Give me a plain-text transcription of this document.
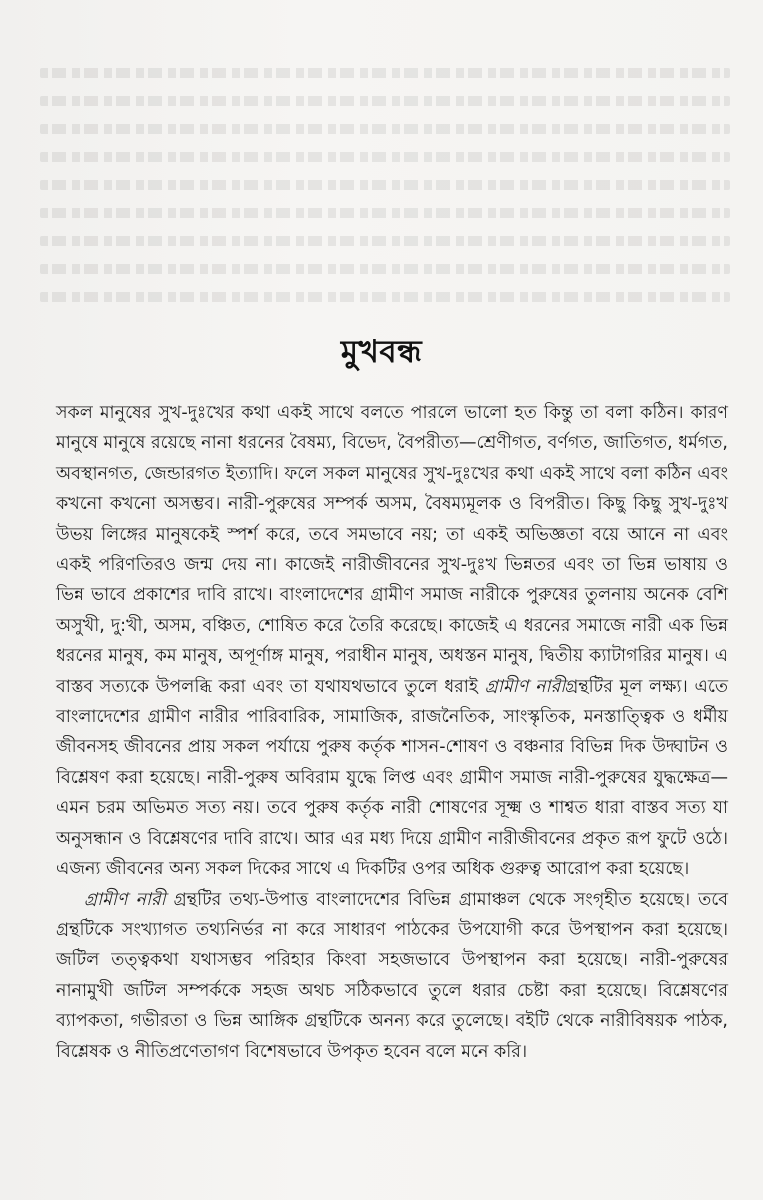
মুখবন্ধ

সকল মানুষের সুখ-দুঃখের কথা একই সাথে বলতে পারলে ভালো হত কিন্তু তা বলা কঠিন। কারণ মানুষে মানুষে রয়েছে নানা ধরনের বৈষম্য, বিভেদ, বৈপরীত্য—শ্রেণীগত, বর্ণগত, জাতিগত, ধর্মগত, অবস্থানগত, জেন্ডারগত ইত্যাদি। ফলে সকল মানুষের সুখ-দুঃখের কথা একই সাথে বলা কঠিন এবং কখনো কখনো অসম্ভব। নারী-পুরুষের সম্পর্ক অসম, বৈষম্যমূলক ও বিপরীত। কিছু কিছু সুখ-দুঃখ উভয় লিঙ্গের মানুষকেই স্পর্শ করে, তবে সমভাবে নয়; তা একই অভিজ্ঞতা বয়ে আনে না এবং একই পরিণতিরও জন্ম দেয় না। কাজেই নারীজীবনের সুখ-দুঃখ ভিন্নতর এবং তা ভিন্ন ভাষায় ও ভিন্ন ভাবে প্রকাশের দাবি রাখে। বাংলাদেশের গ্রামীণ সমাজ নারীকে পুরুষের তুলনায় অনেক বেশি অসুখী, দু:খী, অসম, বঞ্চিত, শোষিত করে তৈরি করেছে। কাজেই এ ধরনের সমাজে নারী এক ভিন্ন ধরনের মানুষ, কম মানুষ, অপূর্ণাঙ্গ মানুষ, পরাধীন মানুষ, অধস্তন মানুষ, দ্বিতীয় ক্যাটাগরির মানুষ। এ বাস্তব সত্যকে উপলব্ধি করা এবং তা যথাযথভাবে তুলে ধরাই গ্রামীণ নারীগ্রন্থটির মূল লক্ষ্য। এতে বাংলাদেশের গ্রামীণ নারীর পারিবারিক, সামাজিক, রাজনৈতিক, সাংস্কৃতিক, মনস্তাত্ত্বিক ও ধর্মীয় জীবনসহ জীবনের প্রায় সকল পর্যায়ে পুরুষ কর্তৃক শাসন-শোষণ ও বঞ্চনার বিভিন্ন দিক উদ্ঘাটন ও বিশ্লেষণ করা হয়েছে। নারী-পুরুষ অবিরাম যুদ্ধে লিপ্ত এবং গ্রামীণ সমাজ নারী-পুরুষের যুদ্ধক্ষেত্র—এমন চরম অভিমত সত্য নয়। তবে পুরুষ কর্তৃক নারী শোষণের সূক্ষ্ম ও শাশ্বত ধারা বাস্তব সত্য যা অনুসন্ধান ও বিশ্লেষণের দাবি রাখে। আর এর মধ্য দিয়ে গ্রামীণ নারীজীবনের প্রকৃত রূপ ফুটে ওঠে। এজন্য জীবনের অন্য সকল দিকের সাথে এ দিকটির ওপর অধিক গুরুত্ব আরোপ করা হয়েছে।

গ্রামীণ নারী গ্রন্থটির তথ্য-উপাত্ত বাংলাদেশের বিভিন্ন গ্রামাঞ্চল থেকে সংগৃহীত হয়েছে। তবে গ্রন্থটিকে সংখ্যাগত তথ্যনির্ভর না করে সাধারণ পাঠকের উপযোগী করে উপস্থাপন করা হয়েছে। জটিল তত্ত্বকথা যথাসম্ভব পরিহার কিংবা সহজভাবে উপস্থাপন করা হয়েছে। নারী-পুরুষের নানামুখী জটিল সম্পর্ককে সহজ অথচ সঠিকভাবে তুলে ধরার চেষ্টা করা হয়েছে। বিশ্লেষণের ব্যাপকতা, গভীরতা ও ভিন্ন আঙ্গিক গ্রন্থটিকে অনন্য করে তুলেছে। বইটি থেকে নারীবিষয়ক পাঠক, বিশ্লেষক ও নীতিপ্রণেতাগণ বিশেষভাবে উপকৃত হবেন বলে মনে করি।
